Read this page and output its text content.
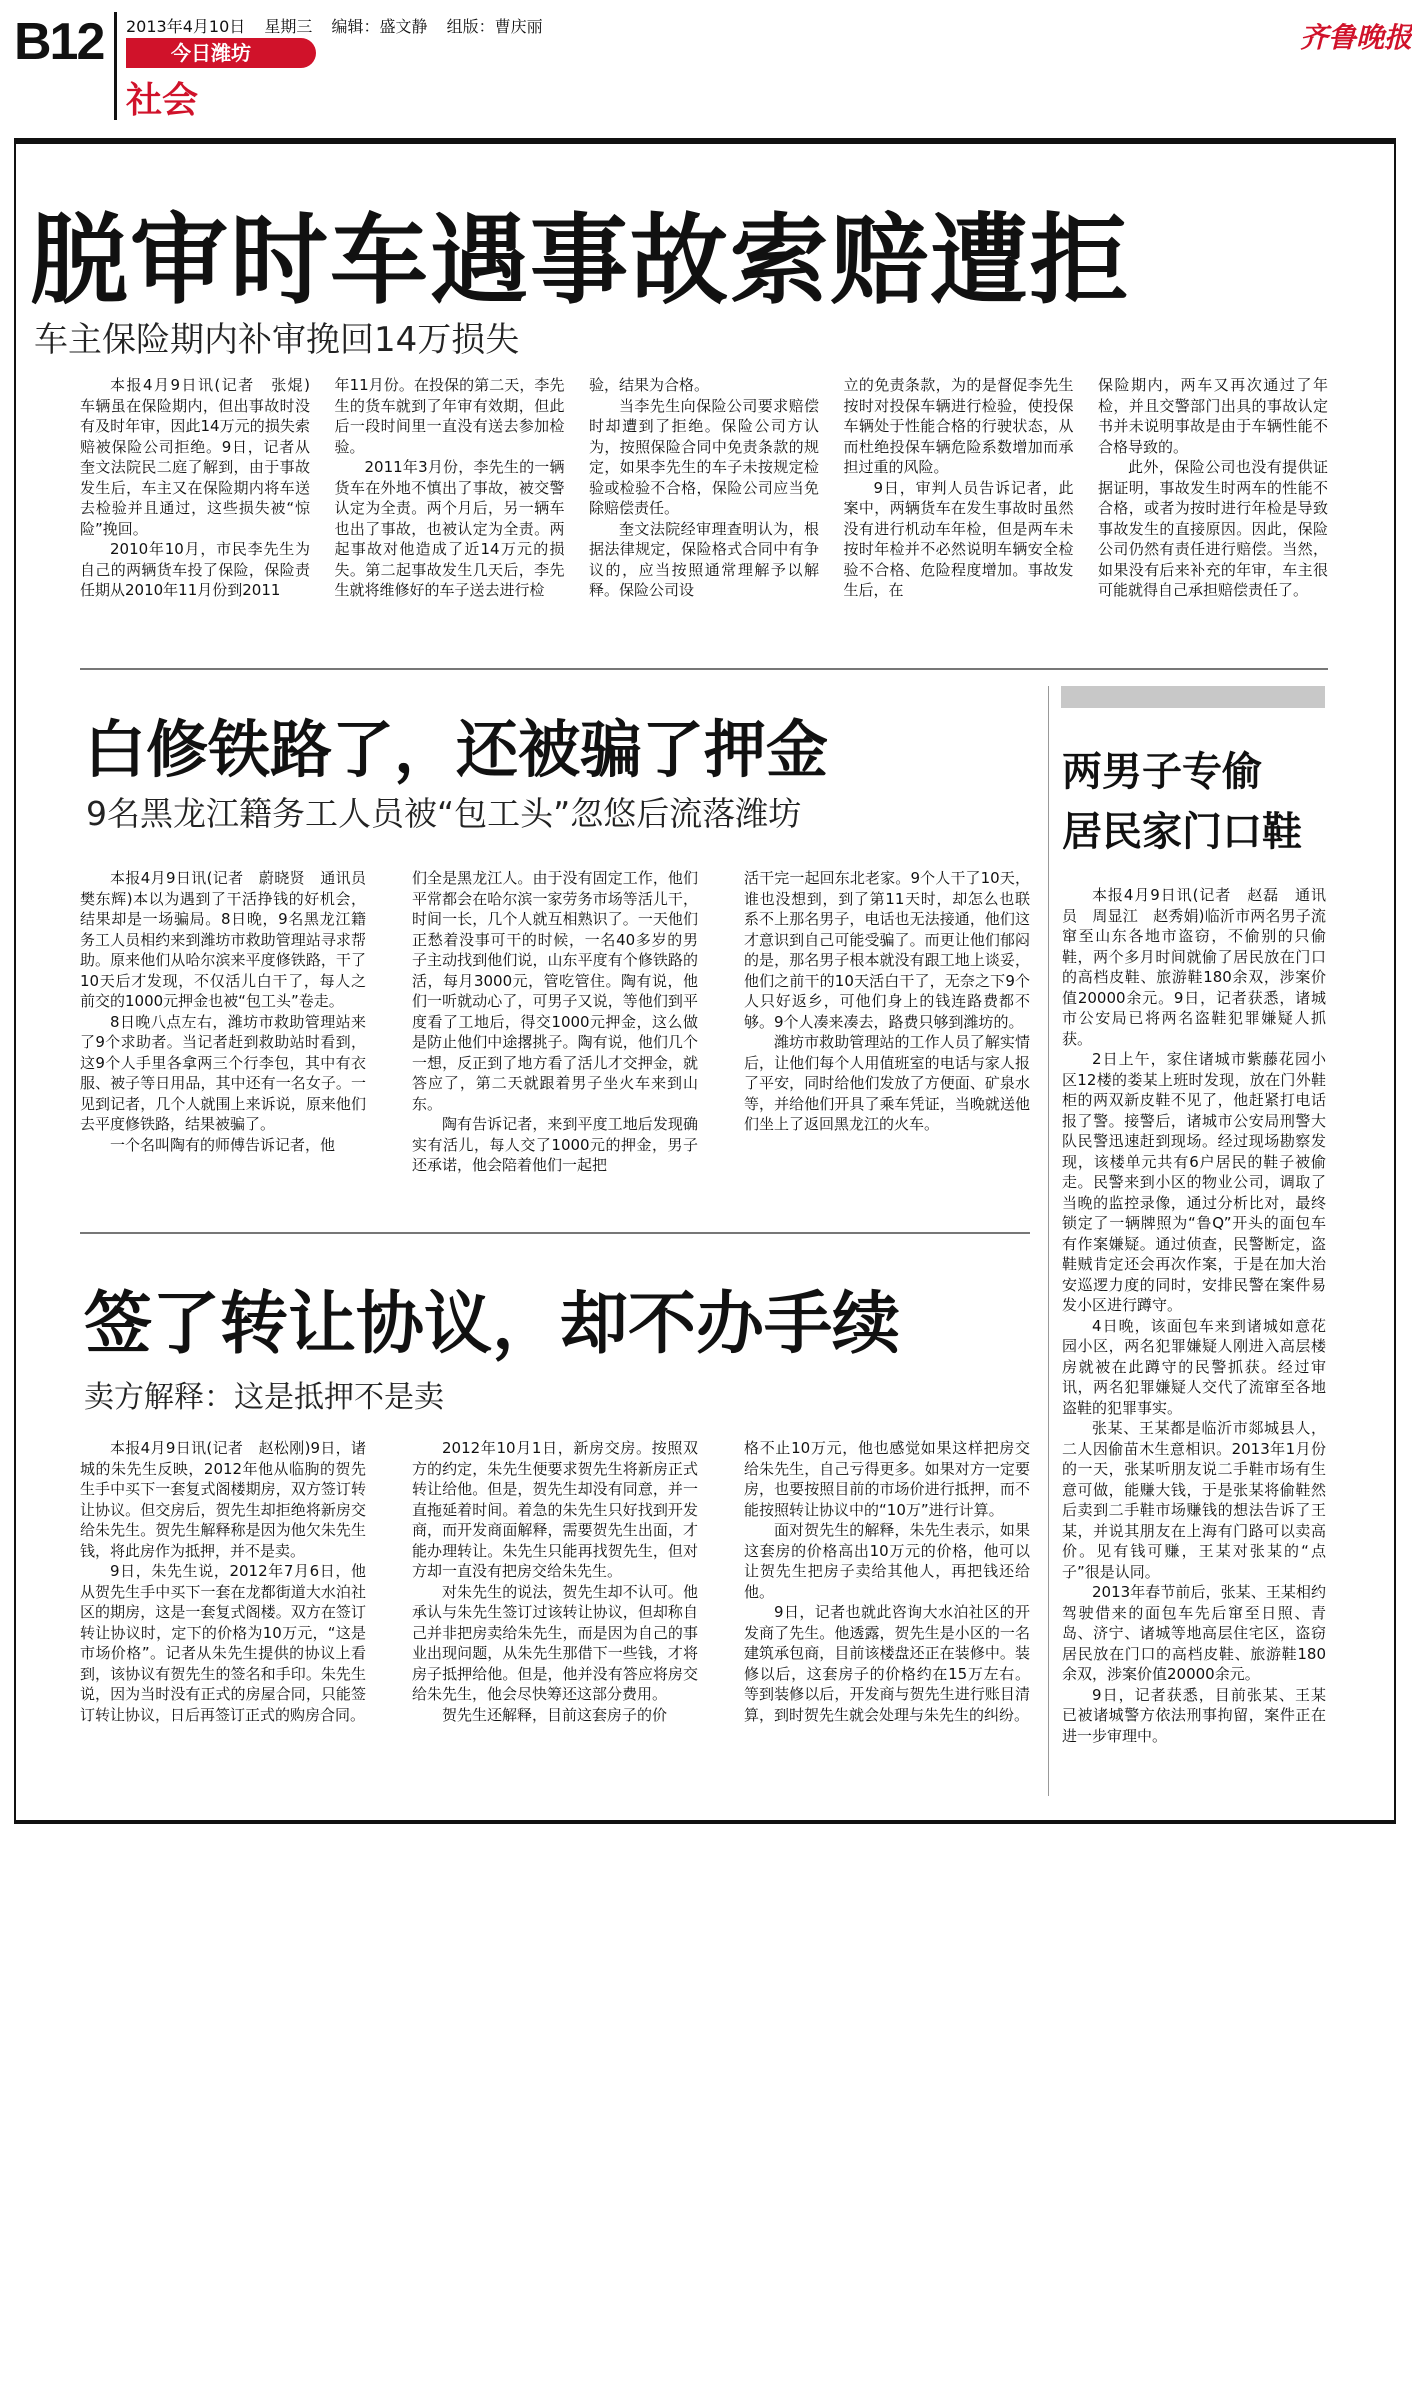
B12 2013年4月10日 星期三 编辑：盛文静 组版：曹庆丽
今日潍坊
社会
齐鲁晚报
脱审时车遇事故索赔遭拒
车主保险期内补审挽回14万损失

本报4月9日讯(记者　张焜)　车辆虽在保险期内，但出事故时没有及时年审，因此14万元的损失索赔被保险公司拒绝。9日，记者从奎文法院民二庭了解到，由于事故发生后，车主又在保险期内将车送去检验并且通过，这些损失被“惊险”挽回。

2010年10月，市民李先生为自己的两辆货车投了保险，保险责任期从2010年11月份到2011

年11月份。在投保的第二天，李先生的货车就到了年审有效期，但此后一段时间里一直没有送去参加检验。

2011年3月份，李先生的一辆货车在外地不慎出了事故，被交警认定为全责。两个月后，另一辆车也出了事故，也被认定为全责。两起事故对他造成了近14万元的损失。第二起事故发生几天后，李先生就将维修好的车子送去进行检

验，结果为合格。

当李先生向保险公司要求赔偿时却遭到了拒绝。保险公司方认为，按照保险合同中免责条款的规定，如果李先生的车子未按规定检验或检验不合格，保险公司应当免除赔偿责任。

奎文法院经审理查明认为，根据法律规定，保险格式合同中有争议的，应当按照通常理解予以解释。保险公司设

立的免责条款，为的是督促李先生按时对投保车辆进行检验，使投保车辆处于性能合格的行驶状态，从而杜绝投保车辆危险系数增加而承担过重的风险。

9日，审判人员告诉记者，此案中，两辆货车在发生事故时虽然没有进行机动车年检，但是两车未按时年检并不必然说明车辆安全检验不合格、危险程度增加。事故发生后，在

保险期内，两车又再次通过了年检，并且交警部门出具的事故认定书并未说明事故是由于车辆性能不合格导致的。

此外，保险公司也没有提供证据证明，事故发生时两车的性能不合格，或者为按时进行年检是导致事故发生的直接原因。因此，保险公司仍然有责任进行赔偿。当然，如果没有后来补充的年审，车主很可能就得自己承担赔偿责任了。

白修铁路了，还被骗了押金
9名黑龙江籍务工人员被“包工头”忽悠后流落潍坊

本报4月9日讯(记者　蔚晓贤　通讯员　樊东辉)本以为遇到了干活挣钱的好机会，结果却是一场骗局。8日晚，9名黑龙江籍务工人员相约来到潍坊市救助管理站寻求帮助。原来他们从哈尔滨来平度修铁路，干了10天后才发现，不仅活儿白干了，每人之前交的1000元押金也被“包工头”卷走。

8日晚八点左右，潍坊市救助管理站来了9个求助者。当记者赶到救助站时看到，这9个人手里各拿两三个行李包，其中有衣服、被子等日用品，其中还有一名女子。一见到记者，几个人就围上来诉说，原来他们去平度修铁路，结果被骗了。

一个名叫陶有的师傅告诉记者，他

们全是黑龙江人。由于没有固定工作，他们平常都会在哈尔滨一家劳务市场等活儿干，时间一长，几个人就互相熟识了。一天他们正愁着没事可干的时候，一名40多岁的男子主动找到他们说，山东平度有个修铁路的活，每月3000元，管吃管住。陶有说，他们一听就动心了，可男子又说，等他们到平度看了工地后，得交1000元押金，这么做是防止他们中途撂挑子。陶有说，他们几个一想，反正到了地方看了活儿才交押金，就答应了，第二天就跟着男子坐火车来到山东。

陶有告诉记者，来到平度工地后发现确实有活儿，每人交了1000元的押金，男子还承诺，他会陪着他们一起把

活干完一起回东北老家。9个人干了10天，谁也没想到，到了第11天时，却怎么也联系不上那名男子，电话也无法接通，他们这才意识到自己可能受骗了。而更让他们郁闷的是，那名男子根本就没有跟工地上谈妥，他们之前干的10天活白干了，无奈之下9个人只好返乡，可他们身上的钱连路费都不够。9个人凑来凑去，路费只够到潍坊的。

潍坊市救助管理站的工作人员了解实情后，让他们每个人用值班室的电话与家人报了平安，同时给他们发放了方便面、矿泉水等，并给他们开具了乘车凭证，当晚就送他们坐上了返回黑龙江的火车。

签了转让协议，却不办手续
卖方解释：这是抵押不是卖

本报4月9日讯(记者　赵松刚)9日，诸城的朱先生反映，2012年他从临朐的贺先生手中买下一套复式阁楼期房，双方签订转让协议。但交房后，贺先生却拒绝将新房交给朱先生。贺先生解释称是因为他欠朱先生钱，将此房作为抵押，并不是卖。

9日，朱先生说，2012年7月6日，他从贺先生手中买下一套在龙都街道大水泊社区的期房，这是一套复式阁楼。双方在签订转让协议时，定下的价格为10万元，“这是市场价格”。记者从朱先生提供的协议上看到，该协议有贺先生的签名和手印。朱先生说，因为当时没有正式的房屋合同，只能签订转让协议，日后再签订正式的购房合同。

2012年10月1日，新房交房。按照双方的约定，朱先生便要求贺先生将新房正式转让给他。但是，贺先生却没有同意，并一直拖延着时间。着急的朱先生只好找到开发商，而开发商面解释，需要贺先生出面，才能办理转让。朱先生只能再找贺先生，但对方却一直没有把房交给朱先生。

对朱先生的说法，贺先生却不认可。他承认与朱先生签订过该转让协议，但却称自己并非把房卖给朱先生，而是因为自己的事业出现问题，从朱先生那借下一些钱，才将房子抵押给他。但是，他并没有答应将房交给朱先生，他会尽快筹还这部分费用。

贺先生还解释，目前这套房子的价

格不止10万元，他也感觉如果这样把房交给朱先生，自己亏得更多。如果对方一定要房，也要按照目前的市场价进行抵押，而不能按照转让协议中的“10万”进行计算。

面对贺先生的解释，朱先生表示，如果这套房的价格高出10万元的价格，他可以让贺先生把房子卖给其他人，再把钱还给他。

9日，记者也就此咨询大水泊社区的开发商了先生。他透露，贺先生是小区的一名建筑承包商，目前该楼盘还正在装修中。装修以后，这套房子的价格约在15万左右。等到装修以后，开发商与贺先生进行账目清算，到时贺先生就会处理与朱先生的纠纷。

两男子专偷
居民家门口鞋

本报4月9日讯(记者　赵磊　通讯员　周显江　赵秀娟)临沂市两名男子流窜至山东各地市盗窃，不偷别的只偷鞋，两个多月时间就偷了居民放在门口的高档皮鞋、旅游鞋180余双，涉案价值20000余元。9日，记者获悉，诸城市公安局已将两名盗鞋犯罪嫌疑人抓获。

2日上午，家住诸城市紫藤花园小区12楼的娄某上班时发现，放在门外鞋柜的两双新皮鞋不见了，他赶紧打电话报了警。接警后，诸城市公安局刑警大队民警迅速赶到现场。经过现场勘察发现，该楼单元共有6户居民的鞋子被偷走。民警来到小区的物业公司，调取了当晚的监控录像，通过分析比对，最终锁定了一辆牌照为“鲁Q”开头的面包车有作案嫌疑。通过侦查，民警断定，盗鞋贼肯定还会再次作案，于是在加大治安巡逻力度的同时，安排民警在案件易发小区进行蹲守。

4日晚，该面包车来到诸城如意花园小区，两名犯罪嫌疑人刚进入高层楼房就被在此蹲守的民警抓获。经过审讯，两名犯罪嫌疑人交代了流窜至各地盗鞋的犯罪事实。

张某、王某都是临沂市郯城县人，二人因偷苗木生意相识。2013年1月份的一天，张某听朋友说二手鞋市场有生意可做，能赚大钱，于是张某将偷鞋然后卖到二手鞋市场赚钱的想法告诉了王某，并说其朋友在上海有门路可以卖高价。见有钱可赚，王某对张某的“点子”很是认同。

2013年春节前后，张某、王某相约驾驶借来的面包车先后窜至日照、青岛、济宁、诸城等地高层住宅区，盗窃居民放在门口的高档皮鞋、旅游鞋180余双，涉案价值20000余元。

9日，记者获悉，目前张某、王某已被诸城警方依法刑事拘留，案件正在进一步审理中。
